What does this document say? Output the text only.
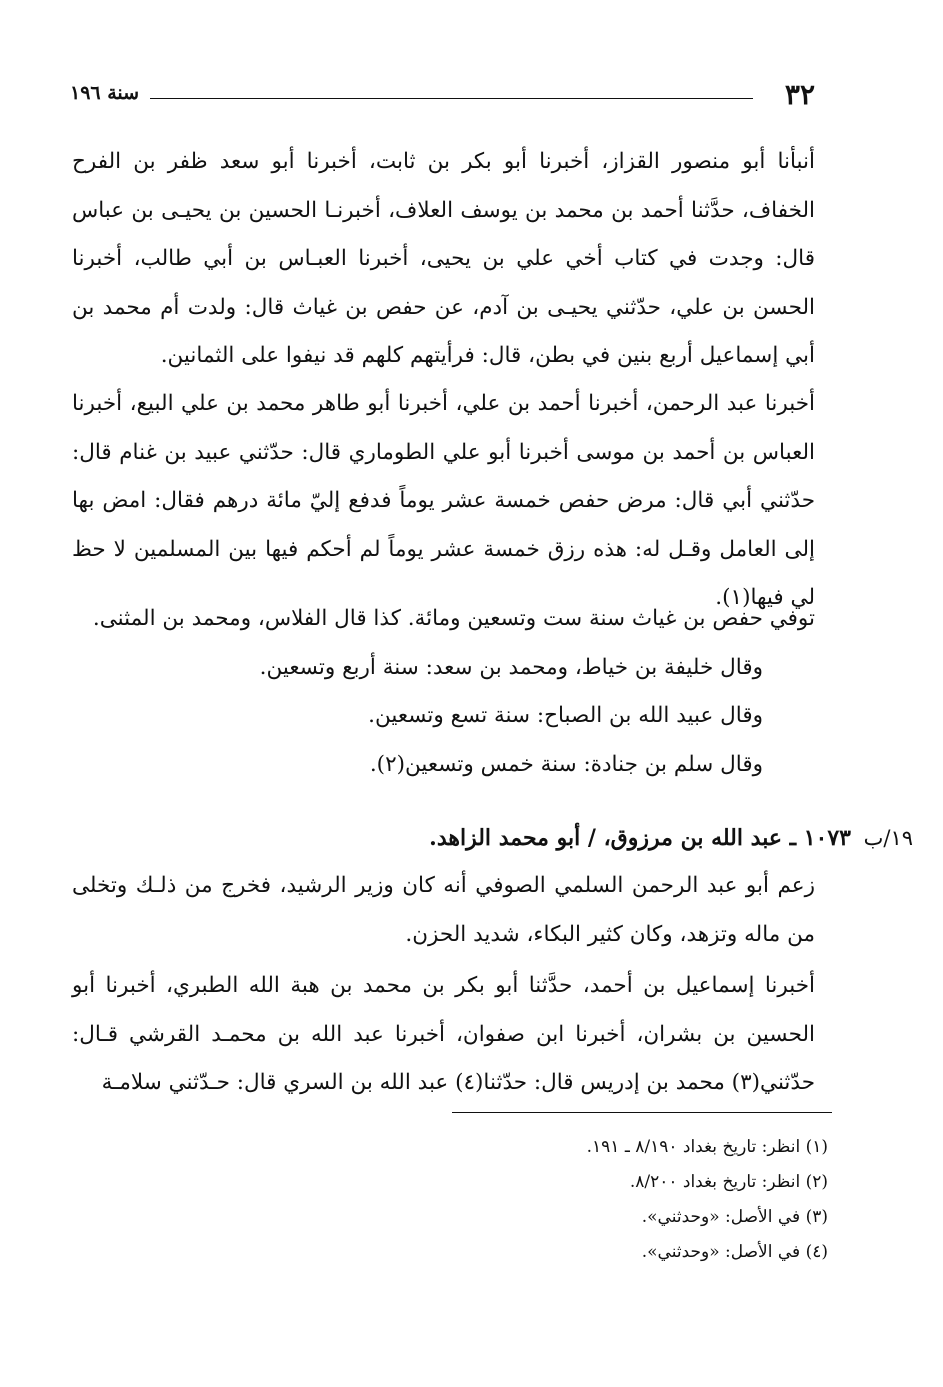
٣٢
سنة ١٩٦

أنبأنا أبو منصور القزاز، أخبرنا أبو بكر بن ثابت، أخبرنا أبو سعد ظفر بن الفرح الخفاف، حدَّثنا أحمد بن محمد بن يوسف العلاف، أخبرنـا الحسين بن يحيـى بن عباس قال: وجدت في كتاب أخي علي بن يحيى، أخبرنا العبـاس بن أبي طالب، أخبرنا الحسن بن علي، حدّثني يحيـى بن آدم، عن حفص بن غياث قال: ولدت أم محمد بن أبي إسماعيل أربع بنين في بطن، قال: فرأيتهم كلهم قد نيفوا على الثمانين.

أخبرنا عبد الرحمن، أخبرنا أحمد بن علي، أخبرنا أبو طاهر محمد بن علي البيع، أخبرنا العباس بن أحمد بن موسى أخبرنا أبو علي الطوماري قال: حدّثني عبيد بن غنام قال: حدّثني أبي قال: مرض حفص خمسة عشر يوماً فدفع إليّ مائة درهم فقال: امض بها إلى العامل وقـل له: هذه رزق خمسة عشر يوماً لم أحكم فيها بين المسلمين لا حظ لي فيها(١).

توفي حفص بن غياث سنة ست وتسعين ومائة. كذا قال الفلاس، ومحمد بن المثنى.

وقال خليفة بن خياط، ومحمد بن سعد: سنة أربع وتسعين.

وقال عبيد الله بن الصباح: سنة تسع وتسعين.

وقال سلم بن جنادة: سنة خمس وتسعين(٢).

١٩/ب
١٠٧٣ ـ عبد الله بن مرزوق، / أبو محمد الزاهد.

زعم أبو عبد الرحمن السلمي الصوفي أنه كان وزير الرشيد، فخرج من ذلـك وتخلى من ماله وتزهد، وكان كثير البكاء، شديد الحزن.

أخبرنا إسماعيل بن أحمد، حدَّثنا أبو بكر بن محمد بن هبة الله الطبري، أخبرنا أبو الحسين بن بشران، أخبرنا ابن صفوان، أخبرنا عبد الله بن محمـد القرشي قـال: حدّثني(٣) محمد بن إدريس قال: حدّثنا(٤) عبد الله بن السري قال: حـدّثني سلامـة

(١) انظر: تاريخ بغداد ٨/١٩٠ ـ ١٩١.

(٢) انظر: تاريخ بغداد ٨/٢٠٠.

(٣) في الأصل: «وحدثني».

(٤) في الأصل: «وحدثني».
